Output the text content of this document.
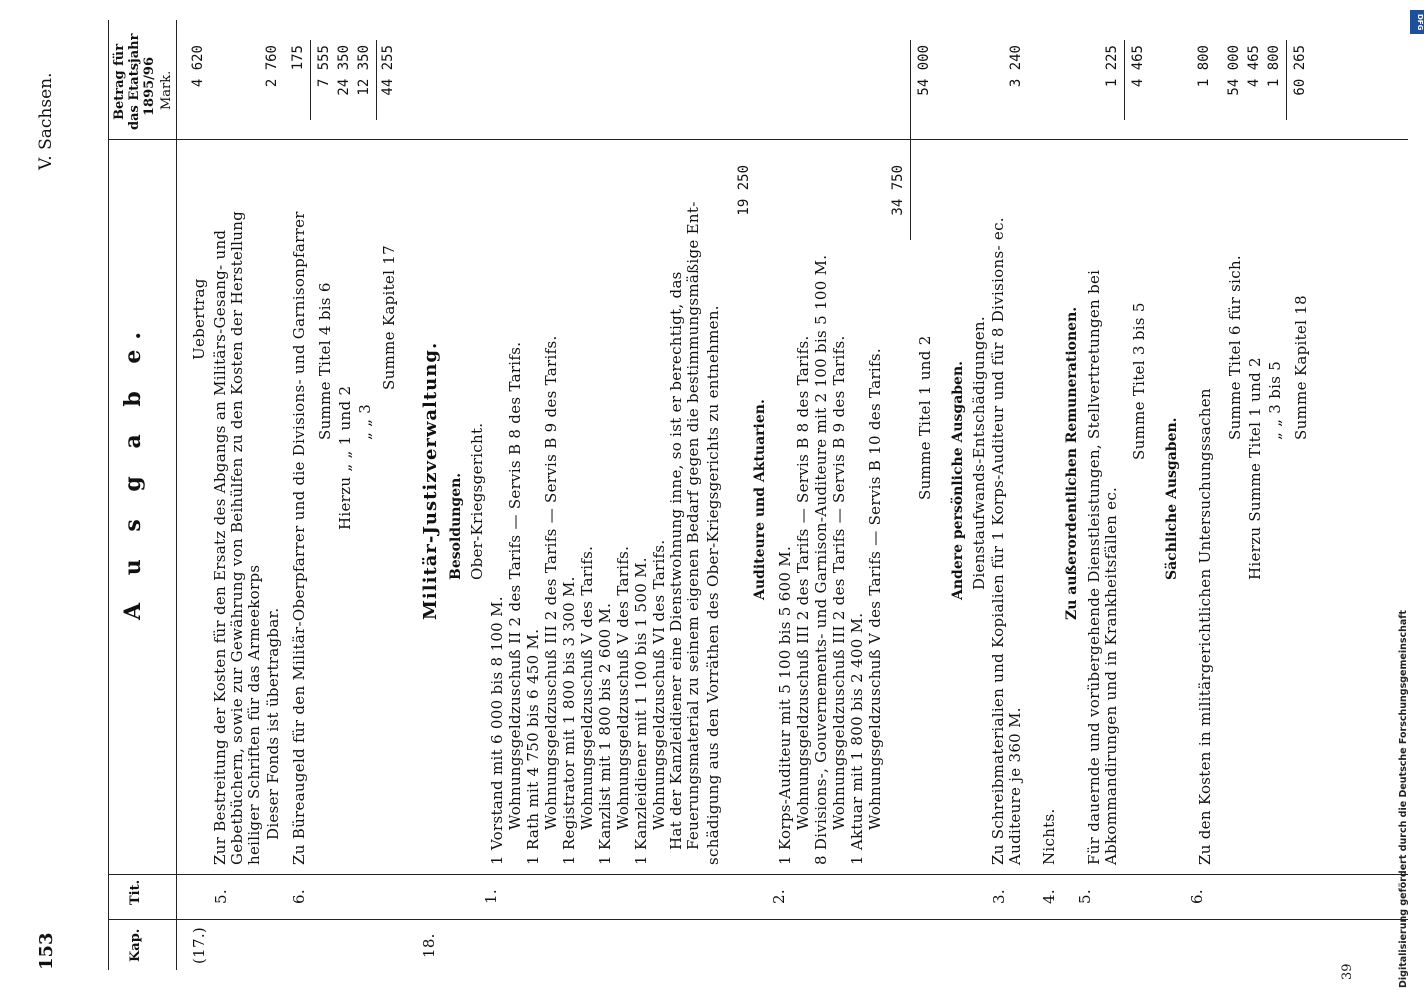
153
V. Sachsen.
A u s g a b e.
Kap.
Tit.
Betrag für das Etatsjahr 1895/96 Mark.
(17.)
Uebertrag
4 620
5.
Zur Bestreitung der Kosten für den Ersatz des Abgangs an Militärs-Gesang- und Gebetbüchern, sowie zur Gewährung von Beihülfen zu den Kosten der Herstellung heiliger Schriften für das Armeekorps Dieser Fonds ist übertragbar.
2 760
6.
Zu Büreaugeld für den Militär-Oberpfarrer und die Divisions- und Garnisonpfarrer
175
Summe Titel 4 bis 6
7 555
Hierzu „ „ 1 und 2
24 350
„ „ 3
12 350
Summe Kapitel 17
44 255
18.
Militär-Justizverwaltung. Besoldungen. Ober-Kriegsgericht.
1.
1 Vorstand mit 6 000 bis 8 100 M. Wohnungsgeldzuschuß II 2 des Tarifs — Servis B 8 des Tarifs. 1 Rath mit 4 750 bis 6 450 M. Wohnungsgeldzuschuß III 2 des Tarifs — Servis B 9 des Tarifs. 1 Registrator mit 1 800 bis 3 300 M. Wohnungsgeldzuschuß V des Tarifs. 1 Kanzlist mit 1 800 bis 2 600 M. Wohnungsgeldzuschuß V des Tarifs. 1 Kanzleidiener mit 1 100 bis 1 500 M. Wohnungsgeldzuschuß VI des Tarifs. Hat der Kanzleidiener eine Dienstwohnung inne, so ist er berechtigt, das Feuerungsmaterial zu seinem eigenen Bedarf gegen die bestimmungsmäßige Ent- schädigung aus den Vorräthen des Ober-Kriegsgerichts zu entnehmen.
19 250
Auditeure und Aktuarien.
2.
1 Korps-Auditeur mit 5 100 bis 5 600 M. Wohnungsgeldzuschuß III 2 des Tarifs — Servis B 8 des Tarifs. 8 Divisions-, Gouvernements- und Garnison-Auditeure mit 2 100 bis 5 100 M. Wohnungsgeldzuschuß III 2 des Tarifs — Servis B 9 des Tarifs. 1 Aktuar mit 1 800 bis 2 400 M. Wohnungsgeldzuschuß V des Tarifs — Servis B 10 des Tarifs.
34 750
Summe Titel 1 und 2
54 000
Andere persönliche Ausgaben. Dienstaufwands-Entschädigungen.
3.
Zu Schreibmaterialien und Kopialien für 1 Korps-Auditeur und für 8 Divisions- ec. Auditeure je 360 M.
3 240
4.
Nichts.
Zu außerordentlichen Remunerationen.
5.
Für dauernde und vorübergehende Dienstleistungen, Stellvertretungen bei Abkommandirungen und in Krankheitsfällen ec.
1 225
Summe Titel 3 bis 5
4 465
Sächliche Ausgaben.
6.
Zu den Kosten in militärgerichtlichen Untersuchungssachen
1 800
Summe Titel 6 für sich.
54 000
Hierzu Summe Titel 1 und 2
4 465
„ „ 3 bis 5
1 800
Summe Kapitel 18
60 265
39	Digitalisierung gefördert durch die Deutsche Forschungsgemeinschaft
DFG
